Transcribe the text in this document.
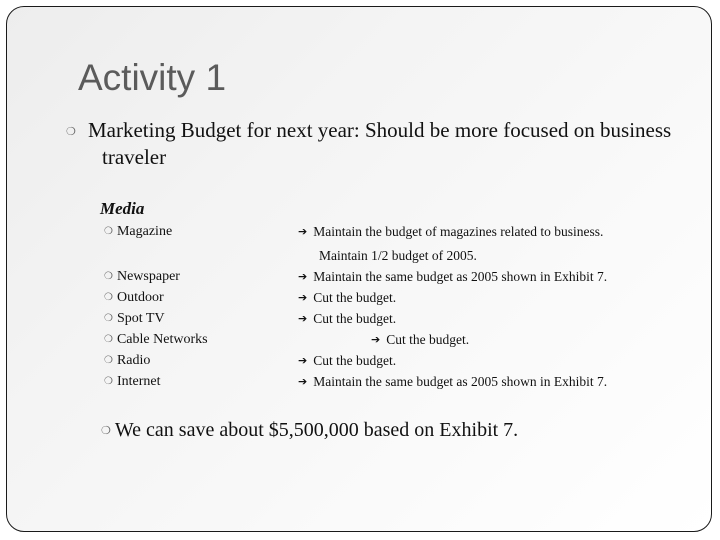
Activity 1
Marketing Budget for next year: Should be more focused on business traveler
Media
❍ Magazine
❍ Newspaper
❍ Outdoor
❍ Spot TV
❍ Cable Networks
❍ Radio
❍ Internet
➔ Maintain the budget of magazines related to business.
Maintain 1/2 budget of 2005.
➔ Maintain the same budget as 2005 shown in Exhibit 7.
➔ Cut the budget.
➔ Cut the budget.
➔ Cut the budget.
➔ Cut the budget.
➔ Maintain the same budget as 2005 shown in Exhibit 7.
❍ We can save about $5,500,000 based on Exhibit 7.
